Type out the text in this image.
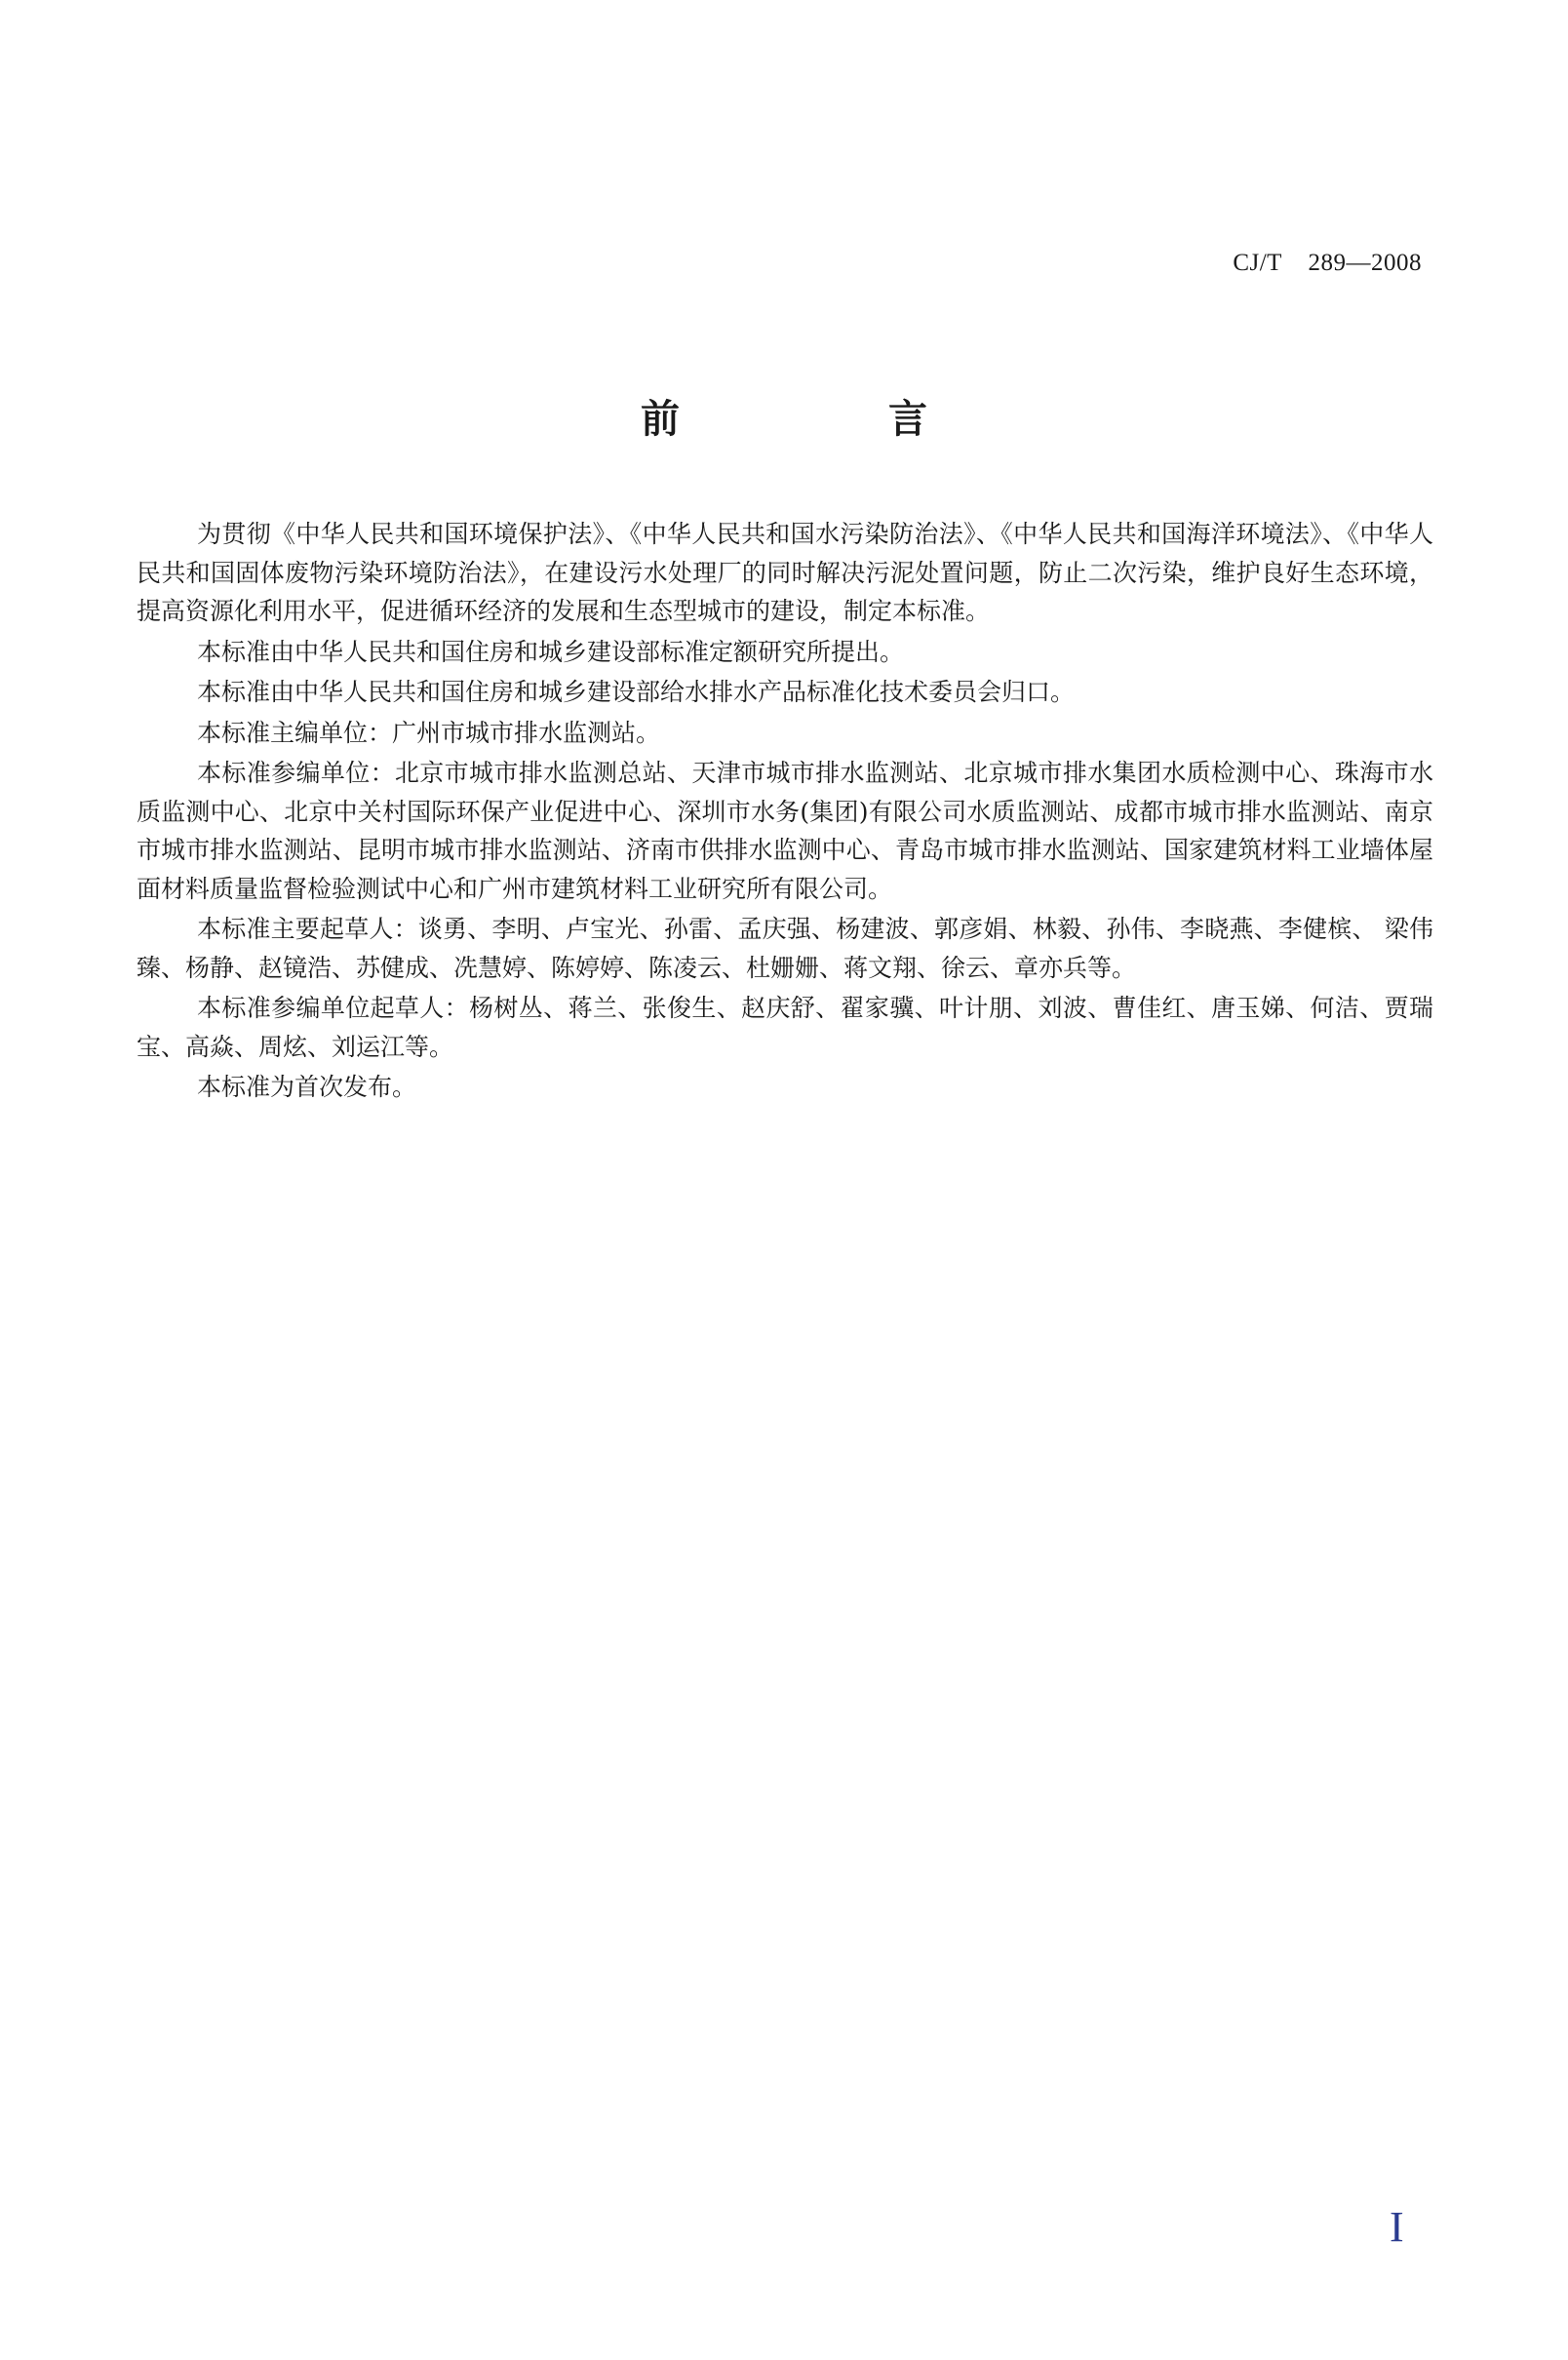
CJ/T    289—2008
前 言

为贯彻《中华人民共和国环境保护法》、《中华人民共和国水污染防治法》、《中华人民共和国海洋环境法》、《中华人民共和国固体废物污染环境防治法》，在建设污水处理厂的同时解决污泥处置问题，防止二次污染，维护良好生态环境，提高资源化利用水平，促进循环经济的发展和生态型城市的建设，制定本标准。

本标准由中华人民共和国住房和城乡建设部标准定额研究所提出。

本标准由中华人民共和国住房和城乡建设部给水排水产品标准化技术委员会归口。

本标准主编单位：广州市城市排水监测站。

本标准参编单位：北京市城市排水监测总站、天津市城市排水监测站、北京城市排水集团水质检测中心、珠海市水质监测中心、北京中关村国际环保产业促进中心、深圳市水务(集团)有限公司水质监测站、成都市城市排水监测站、南京市城市排水监测站、昆明市城市排水监测站、济南市供排水监测中心、青岛市城市排水监测站、国家建筑材料工业墙体屋面材料质量监督检验测试中心和广州市建筑材料工业研究所有限公司。

本标准主要起草人：谈勇、李明、卢宝光、孙雷、孟庆强、杨建波、郭彦娟、林毅、孙伟、李晓燕、李健槟、 梁伟臻、杨静、赵镜浩、苏健成、冼慧婷、陈婷婷、陈凌云、杜姗姗、蒋文翔、徐云、章亦兵等。

本标准参编单位起草人：杨树丛、蒋兰、张俊生、赵庆舒、翟家骥、叶计朋、刘波、曹佳红、唐玉娣、何洁、贾瑞宝、高焱、周炫、刘运江等。

本标准为首次发布。

I
